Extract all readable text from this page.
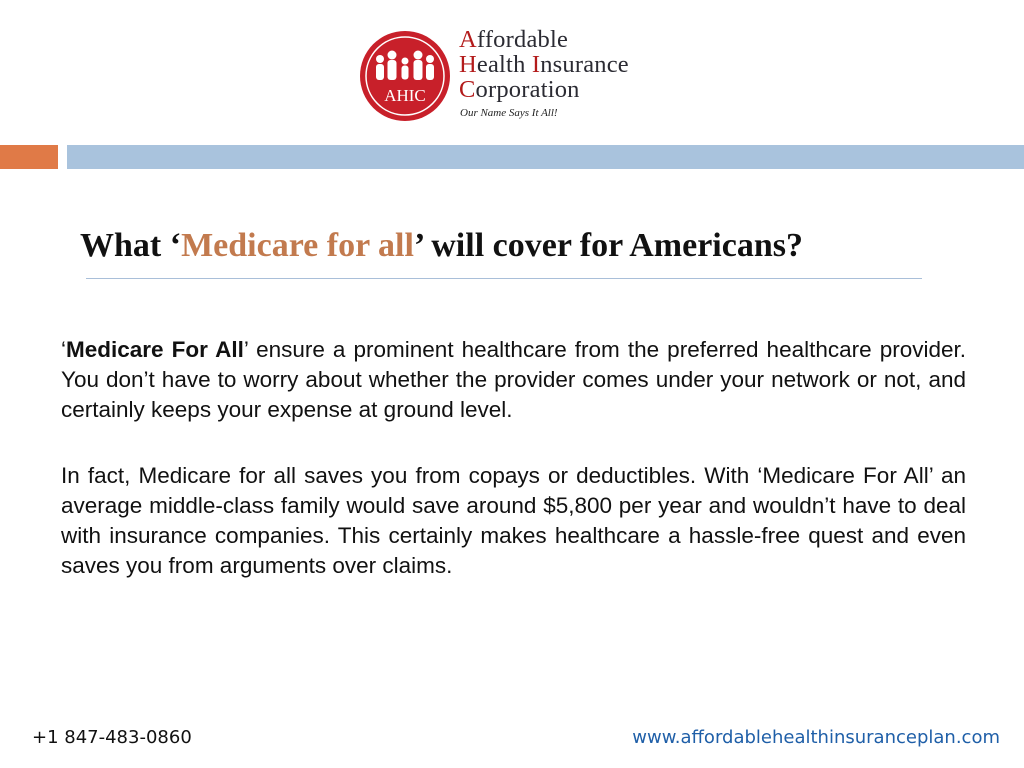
AHIC
Affordable
Health Insurance
Corporation
Our Name Says It All!
What ‘Medicare for all’ will cover for Americans?

‘Medicare For All’ ensure a prominent healthcare from the preferred healthcare provider. You don’t have to worry about whether the provider comes under your network or not, and certainly keeps your expense at ground level.

In fact, Medicare for all saves you from copays or deductibles. With ‘Medicare For All’ an average middle-class family would save around $5,800 per year and wouldn’t have to deal with insurance companies. This certainly makes healthcare a hassle-free quest and even saves you from arguments over claims.

+1 847-483-0860	www.affordablehealthinsuranceplan.com
